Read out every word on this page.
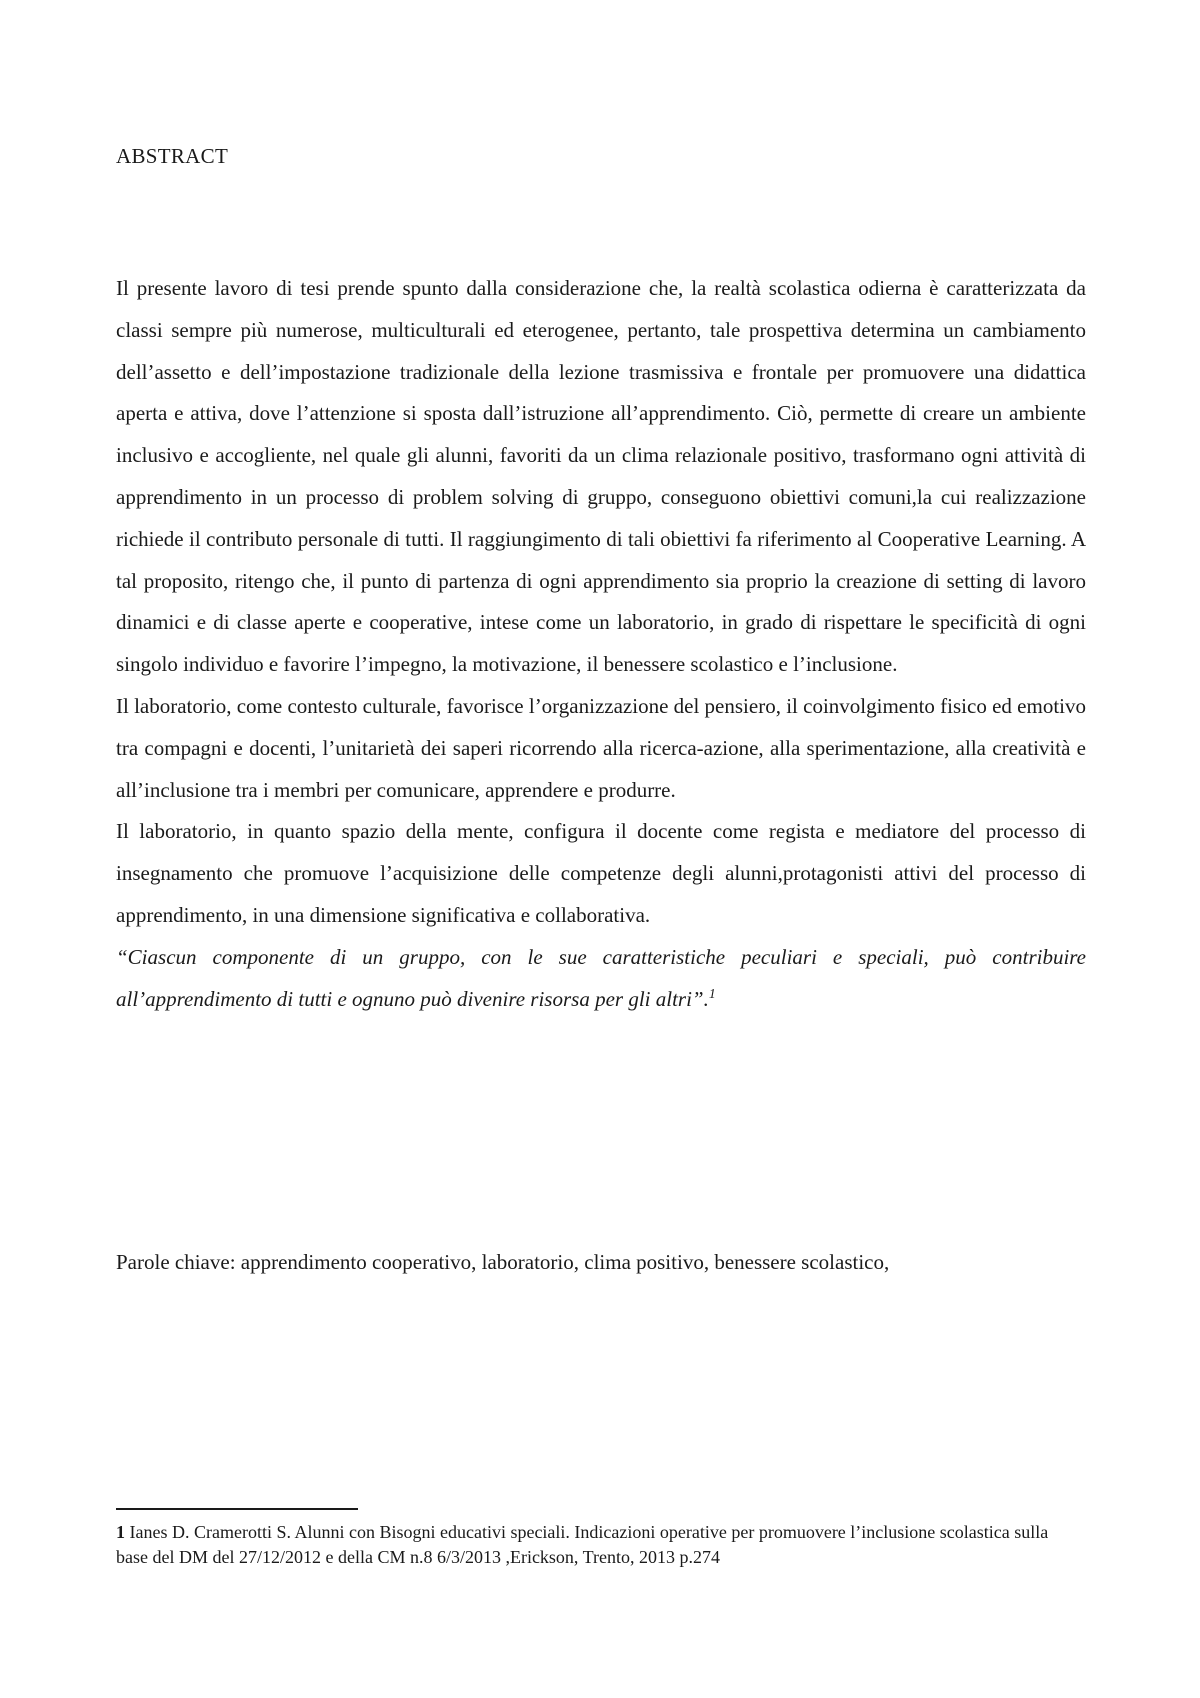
ABSTRACT

Il presente lavoro di tesi prende spunto dalla considerazione che, la realtà scolastica odierna è caratterizzata da classi sempre più numerose, multiculturali ed eterogenee, pertanto, tale prospettiva determina un cambiamento dell’assetto e dell’impostazione tradizionale della lezione trasmissiva e frontale per promuovere una didattica aperta e attiva, dove l’attenzione si sposta dall’istruzione all’apprendimento. Ciò, permette di creare un ambiente inclusivo e accogliente, nel quale gli alunni, favoriti da un clima relazionale positivo, trasformano ogni attività di apprendimento in un processo di problem solving di gruppo, conseguono obiettivi comuni,la cui realizzazione richiede il contributo personale di tutti. Il raggiungimento di tali obiettivi fa riferimento al Cooperative Learning. A tal proposito, ritengo che, il punto di partenza di ogni apprendimento sia proprio la creazione di setting di lavoro dinamici e di classe aperte e cooperative, intese come un laboratorio, in grado di rispettare le specificità di ogni singolo individuo e favorire l’impegno, la motivazione, il benessere scolastico e l’inclusione.

Il laboratorio, come contesto culturale, favorisce l’organizzazione del pensiero, il coinvolgimento fisico ed emotivo tra compagni e docenti, l’unitarietà dei saperi ricorrendo alla ricerca-azione, alla sperimentazione, alla creatività e all’inclusione tra i membri per comunicare, apprendere e produrre.

Il laboratorio, in quanto spazio della mente, configura il docente come regista e mediatore del processo di insegnamento che promuove l’acquisizione delle competenze degli alunni,protagonisti attivi del processo di apprendimento, in una dimensione significativa e collaborativa.

“Ciascun componente di un gruppo, con le sue caratteristiche peculiari e speciali, può contribuire all’apprendimento di tutti e ognuno può divenire risorsa per gli altri”.$^1$

Parole chiave: apprendimento cooperativo, laboratorio, clima positivo, benessere scolastico,

1 Ianes D. Cramerotti S. Alunni con Bisogni educativi speciali. Indicazioni operative per promuovere l’inclusione scolastica sulla base del DM del 27/12/2012 e della CM n.8 6/3/2013 ,Erickson, Trento, 2013 p.274
